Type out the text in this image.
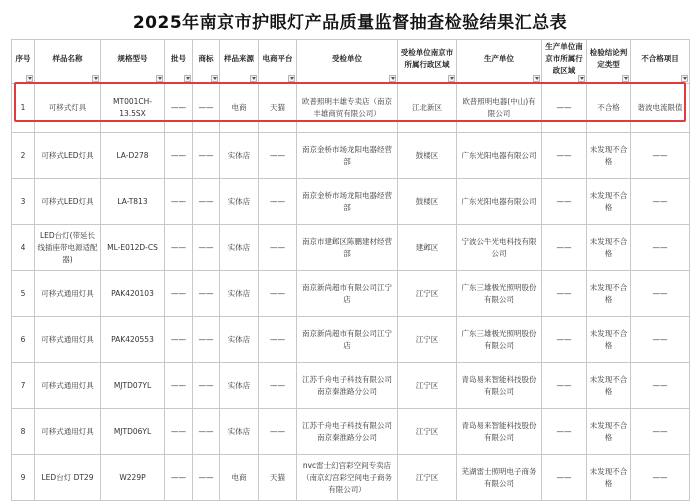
2025年南京市护眼灯产品质量监督抽查检验结果汇总表
序号	样品名称	规格型号	批号	商标	样品来源	电商平台	受检单位	受检单位南京市所属行政区域	生产单位	生产单位南京市所属行政区域	检验结论判定类型	不合格项目

1	可移式灯具	MT001CH-13.5SX	——	——	电商	天猫	欧普照明丰雄专卖店（南京丰雄商贸有限公司）	江北新区	欧普照明电器(中山)有限公司	——	不合格	谐波电流限值
2	可移式LED灯具	LA-D278	——	——	实体店	——	南京金桥市场龙阳电器经营部	鼓楼区	广东光阳电器有限公司	——	未发现不合格	——
3	可移式LED灯具	LA-T813	——	——	实体店	——	南京金桥市场龙阳电器经营部	鼓楼区	广东光阳电器有限公司	——	未发现不合格	——
4	LED台灯(带延长线插座带电源适配器)	ML-E012D-CS	——	——	实体店	——	南京市建邺区陈鹏建材经营部	建邺区	宁波公牛光电科技有限公司	——	未发现不合格	——
5	可移式通用灯具	PAK420103	——	——	实体店	——	南京新尚超市有限公司江宁店	江宁区	广东三雄极光照明股份有限公司	——	未发现不合格	——
6	可移式通用灯具	PAK420553	——	——	实体店	——	南京新尚超市有限公司江宁店	江宁区	广东三雄极光照明股份有限公司	——	未发现不合格	——
7	可移式通用灯具	MJTD07YL	——	——	实体店	——	江苏千舟电子科技有限公司南京秦淮路分公司	江宁区	青岛易来智能科技股份有限公司	——	未发现不合格	——
8	可移式通用灯具	MJTD06YL	——	——	实体店	——	江苏千舟电子科技有限公司南京秦淮路分公司	江宁区	青岛易来智能科技股份有限公司	——	未发现不合格	——
9	LED台灯 DT29	W229P	——	——	电商	天猫	nvc雷士幻宫彩空间专卖店（南京幻宫彩空间电子商务有限公司）	江宁区	芜湖雷士照明电子商务有限公司	——	未发现不合格	——
